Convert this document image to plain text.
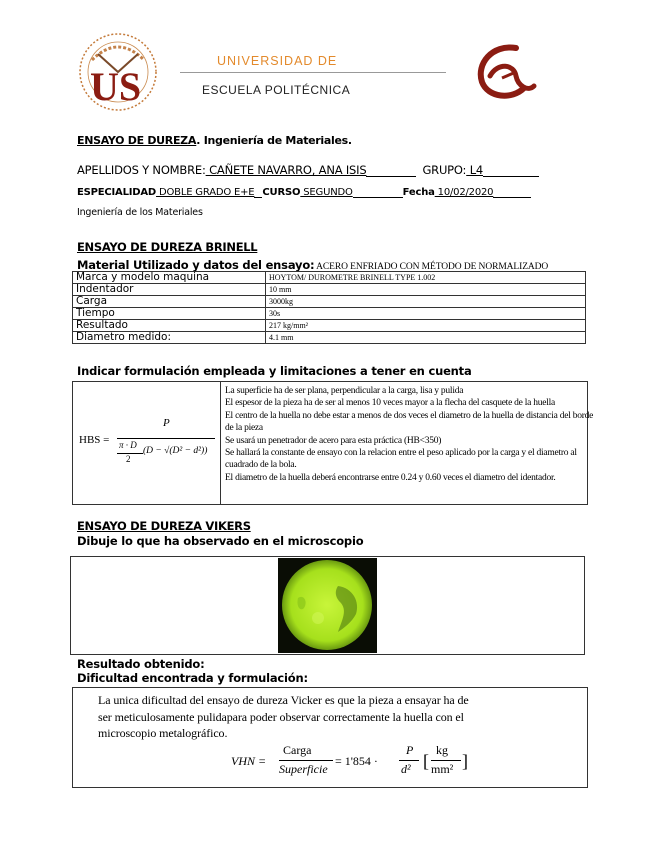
US
UNIVERSIDAD DE
ESCUELA POLITÉCNICA
ENSAYO DE DUREZA. Ingeniería de Materiales.
APELLIDOS Y NOMBRE: CAÑETE NAVARRO, ANA ISIS	GRUPO: L4
ESPECIALIDAD DOBLE GRADO E+E CURSO SEGUNDO	Fecha 10/02/2020
Ingeniería de los Materiales
ENSAYO DE DUREZA BRINELL
Material Utilizado y datos del ensayo: ACERO ENFRIADO CON MÉTODO DE NORMALIZADO
Marca y modelo maquina	HOYTOM/ DUROMETRE BRINELL TYPE 1.002
Indentador	10 mm
Carga	3000kg
Tiempo	30s
Resultado	217 kg/mm²
Diametro medido:	4.1 mm
Indicar formulación empleada y limitaciones a tener en cuenta
HBS =
P
π · D
2
(D − √(D² − d²))
La superficie ha de ser plana, perpendicular a la carga, lisa y pulida
El espesor de la pieza ha de ser al menos 10 veces mayor a la flecha del casquete de la huella
El centro de la huella no debe estar a menos de dos veces el diametro de la huella de distancia del borde
de la pieza
Se usará un penetrador de acero para esta práctica (HB<350)
Se hallará la constante de ensayo con la relacion entre el peso aplicado por la carga y el diametro al
cuadrado de la bola.
El diametro de la huella deberá encontrarse entre 0.24 y 0.60 veces el diametro del identador.
ENSAYO DE DUREZA VIKERS
Dibuje lo que ha observado en el microscopio
Resultado obtenido:
Dificultad encontrada y formulación:
La unica dificultad del ensayo de dureza Vicker es que la pieza a ensayar ha de
ser meticulosamente pulidapara poder observar correctamente la huella con el
microscopio metalográfico.
VHN =
Carga
Superficie
= 1'854 ·
P
d² [
kg
mm² ]
